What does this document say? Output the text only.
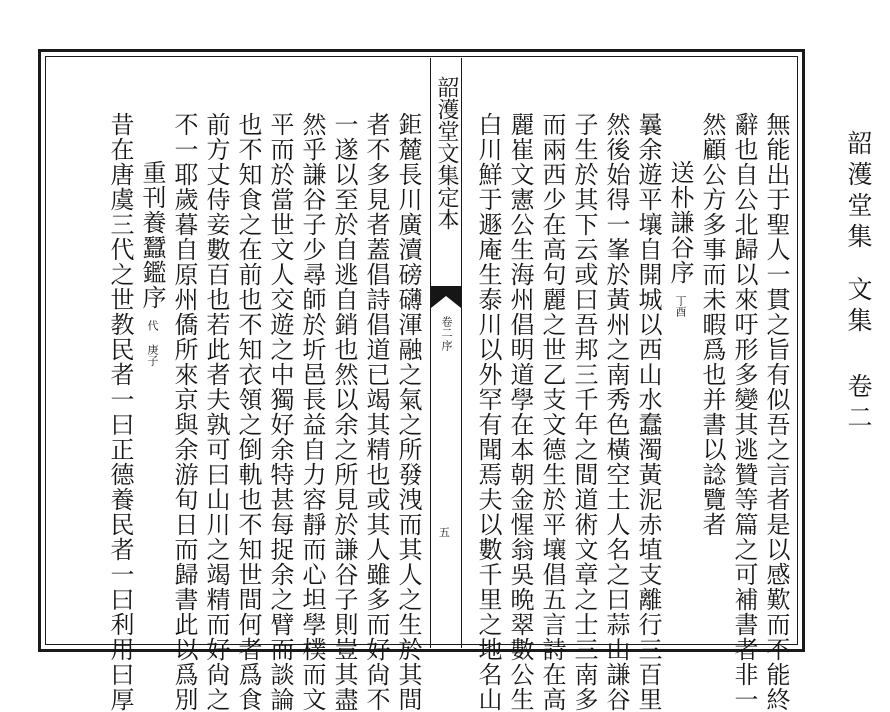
無能出于聖人一貫之旨有似吾之言者是以感歎而不能終
辭也自公北歸以來吁形多變其逃贊等篇之可補書者非一
然顧公方多事而未暇爲也并書以諗覽者
送朴謙谷序丁酉
曩余遊平壤自開城以西山水蠢濁黃泥赤埴支離行三百里
然後始得一峯於黃州之南秀色橫空土人名之曰蒜山謙谷
子生於其下云或曰吾邦三千年之間道術文章之士三南多
而兩西少在高句麗之世乙支文德生於平壤倡五言詩在高
麗崔文憲公生海州倡明道學在本朝金惺翁吳晩翠數公生
白川鮮于遯庵生泰川以外罕有聞焉夫以數千里之地名山
韶濩堂文集定本
卷二
序
五
鉅麓長川廣瀆磅礴渾融之氣之所發洩而其人之生於其間
者不多見者蓋倡詩倡道已竭其精也或其人雖多而好尙不
一遂以至於自逃自銷也然以余之所見於謙谷子則豈其盡
然乎謙谷子少尋師於圻邑長益自力容靜而心坦學樸而文
平而於當世文人交遊之中獨好余特甚每捉余之臂而談論
也不知食之在前也不知衣領之倒軌也不知世間何者爲食
前方丈侍妾數百也若此者夫孰可曰山川之竭精而好尙之
不一耶歲暮自原州僑所來京與余游旬日而歸書此以爲別
重刊養蠶鑑序代 庚子
昔在唐虞三代之世教民者一曰正德養民者一曰利用曰厚	韶濩堂集文集 卷二
